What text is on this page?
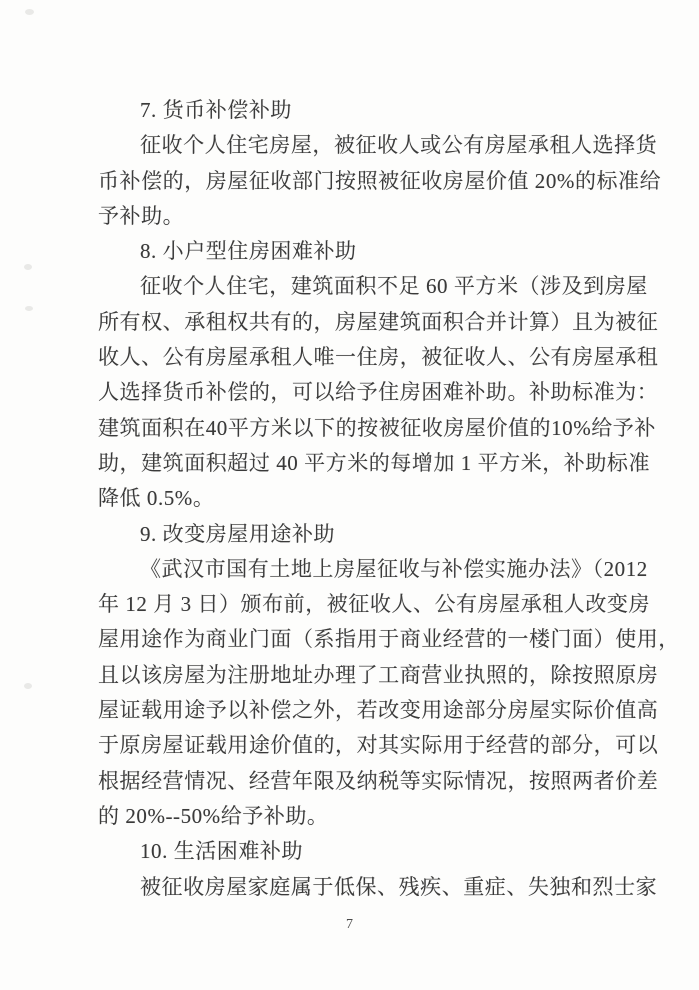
7. 货币补偿补助

征收个人住宅房屋，被征收人或公有房屋承租人选择货

币补偿的，房屋征收部门按照被征收房屋价值 20%的标准给

予补助。

8. 小户型住房困难补助

征收个人住宅，建筑面积不足 60 平方米（涉及到房屋

所有权、承租权共有的，房屋建筑面积合并计算）且为被征

收人、公有房屋承租人唯一住房，被征收人、公有房屋承租

人选择货币补偿的，可以给予住房困难补助。补助标准为：

建筑面积在40平方米以下的按被征收房屋价值的10%给予补

助，建筑面积超过 40 平方米的每增加 1 平方米，补助标准

降低 0.5%。

9. 改变房屋用途补助

《武汉市国有土地上房屋征收与补偿实施办法》（2012

年 12 月 3 日）颁布前，被征收人、公有房屋承租人改变房

屋用途作为商业门面（系指用于商业经营的一楼门面）使用，

且以该房屋为注册地址办理了工商营业执照的，除按照原房

屋证载用途予以补偿之外，若改变用途部分房屋实际价值高

于原房屋证载用途价值的，对其实际用于经营的部分，可以

根据经营情况、经营年限及纳税等实际情况，按照两者价差

的 20%--50%给予补助。

10. 生活困难补助

被征收房屋家庭属于低保、残疾、重症、失独和烈士家

7
